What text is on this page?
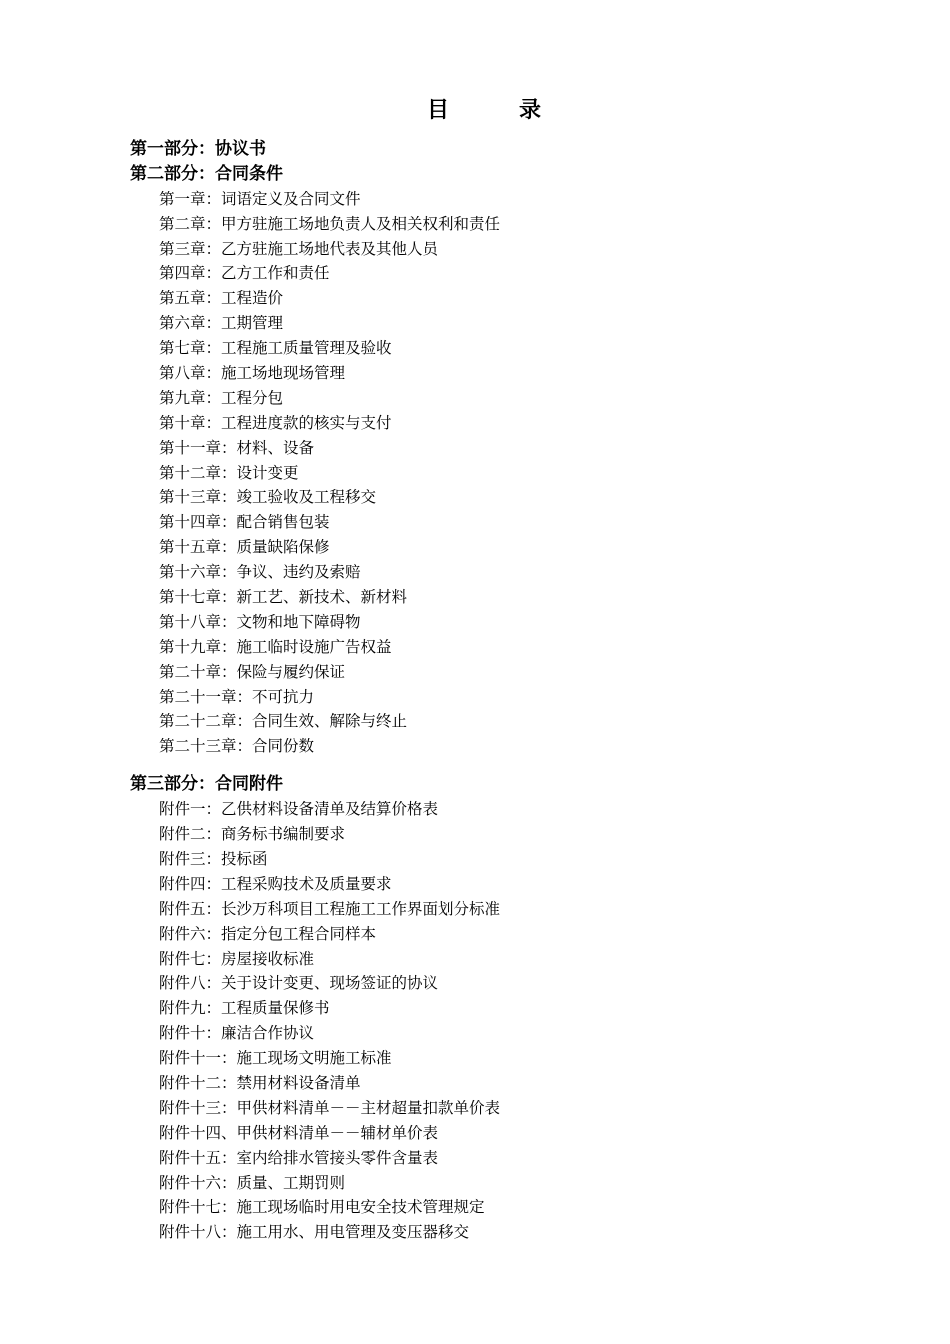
目　录
第一部分：协议书
第二部分：合同条件
第一章：词语定义及合同文件
第二章：甲方驻施工场地负责人及相关权利和责任
第三章：乙方驻施工场地代表及其他人员
第四章：乙方工作和责任
第五章：工程造价
第六章：工期管理
第七章：工程施工质量管理及验收
第八章：施工场地现场管理
第九章：工程分包
第十章：工程进度款的核实与支付
第十一章：材料、设备
第十二章：设计变更
第十三章：竣工验收及工程移交
第十四章：配合销售包装
第十五章：质量缺陷保修
第十六章：争议、违约及索赔
第十七章：新工艺、新技术、新材料
第十八章：文物和地下障碍物
第十九章：施工临时设施广告权益
第二十章：保险与履约保证
第二十一章：不可抗力
第二十二章：合同生效、解除与终止
第二十三章：合同份数
第三部分：合同附件
附件一：乙供材料设备清单及结算价格表
附件二：商务标书编制要求
附件三：投标函
附件四：工程采购技术及质量要求
附件五：长沙万科项目工程施工工作界面划分标准
附件六：指定分包工程合同样本
附件七：房屋接收标准
附件八：关于设计变更、现场签证的协议
附件九：工程质量保修书
附件十：廉洁合作协议
附件十一：施工现场文明施工标准
附件十二：禁用材料设备清单
附件十三：甲供材料清单－－主材超量扣款单价表
附件十四、甲供材料清单－－辅材单价表
附件十五：室内给排水管接头零件含量表
附件十六：质量、工期罚则
附件十七：施工现场临时用电安全技术管理规定
附件十八：施工用水、用电管理及变压器移交
